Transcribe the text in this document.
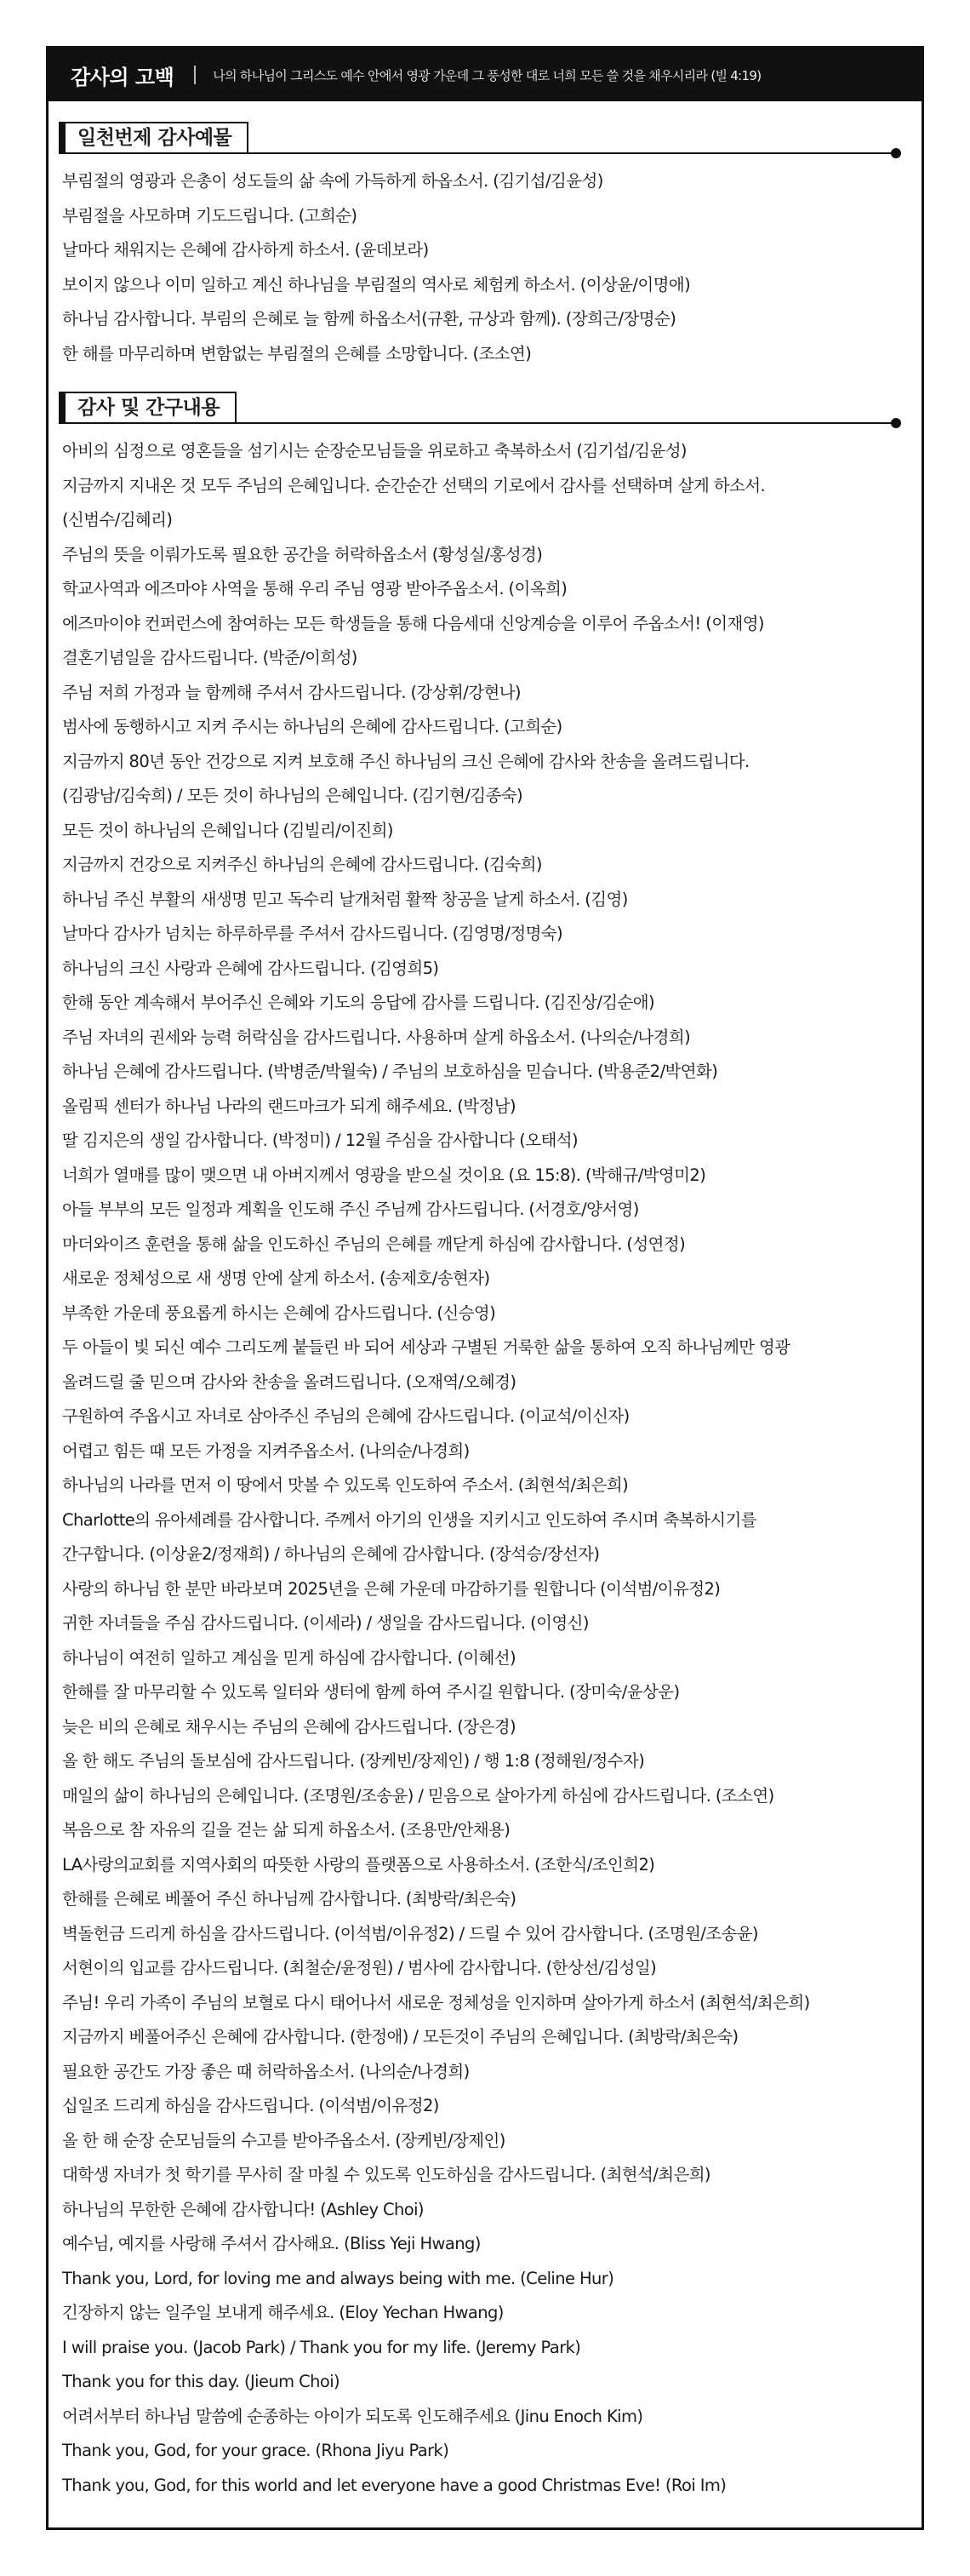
감사의 고백	나의 하나님이 그리스도 예수 안에서 영광 가운데 그 풍성한 대로 너희 모든 쓸 것을 채우시리라 (빌 4:19)
일천번제 감사예물
부림절의 영광과 은총이 성도들의 삶 속에 가득하게 하옵소서. (김기섭/김윤성)
부림절을 사모하며 기도드립니다. (고희순)
날마다 채워지는 은혜에 감사하게 하소서. (윤데보라)
보이지 않으나 이미 일하고 계신 하나님을 부림절의 역사로 체험케 하소서. (이상윤/이명애)
하나님 감사합니다. 부림의 은혜로 늘 함께 하옵소서(규환, 규상과 함께). (장희근/장명순)
한 해를 마무리하며 변함없는 부림절의 은혜를 소망합니다. (조소연)
감사 및 간구내용
아비의 심정으로 영혼들을 섬기시는 순장순모님들을 위로하고 축복하소서 (김기섭/김윤성)
지금까지 지내온 것 모두 주님의 은혜입니다. 순간순간 선택의 기로에서 감사를 선택하며 살게 하소서.
(신범수/김혜리)
주님의 뜻을 이뤄가도록 필요한 공간을 허락하옵소서 (황성실/홍성경)
학교사역과 에즈마야 사역을 통해 우리 주님 영광 받아주옵소서. (이옥희)
에즈마이야 컨퍼런스에 참여하는 모든 학생들을 통해 다음세대 신앙계승을 이루어 주옵소서! (이재영)
결혼기념일을 감사드립니다. (박준/이희성)
주님 저희 가정과 늘 함께해 주셔서 감사드립니다. (강상휘/강현나)
범사에 동행하시고 지켜 주시는 하나님의 은혜에 감사드립니다. (고희순)
지금까지 80년 동안 건강으로 지켜 보호해 주신 하나님의 크신 은혜에 감사와 찬송을 올려드립니다.
(김광남/김숙희) / 모든 것이 하나님의 은혜입니다. (김기현/김종숙)
모든 것이 하나님의 은혜입니다 (김빌리/이진희)
지금까지 건강으로 지켜주신 하나님의 은혜에 감사드립니다. (김숙희)
하나님 주신 부활의 새생명 믿고 독수리 날개처럼 활짝 창공을 날게 하소서. (김영)
날마다 감사가 넘치는 하루하루를 주셔서 감사드립니다. (김영명/정명숙)
하나님의 크신 사랑과 은혜에 감사드립니다. (김영희5)
한해 동안 계속해서 부어주신 은혜와 기도의 응답에 감사를 드립니다. (김진상/김순애)
주님 자녀의 권세와 능력 허락심을 감사드립니다. 사용하며 살게 하옵소서. (나의순/나경희)
하나님 은혜에 감사드립니다. (박병준/박월숙) / 주님의 보호하심을 믿습니다. (박용준2/박연화)
올림픽 센터가 하나님 나라의 랜드마크가 되게 해주세요. (박정남)
딸 김지은의 생일 감사합니다. (박정미) / 12월 주심을 감사합니다 (오태석)
너희가 열매를 많이 맺으면 내 아버지께서 영광을 받으실 것이요 (요 15:8). (박해규/박영미2)
아들 부부의 모든 일정과 계획을 인도해 주신 주님께 감사드립니다. (서경호/양서영)
마더와이즈 훈련을 통해 삶을 인도하신 주님의 은혜를 깨닫게 하심에 감사합니다. (성연정)
새로운 정체성으로 새 생명 안에 살게 하소서. (송제호/송현자)
부족한 가운데 풍요롭게 하시는 은혜에 감사드립니다. (신승영)
두 아들이 빛 되신 예수 그리도께 붙들린 바 되어 세상과 구별된 거룩한 삶을 통하여 오직 하나님께만 영광
올려드릴 줄 믿으며 감사와 찬송을 올려드립니다. (오재역/오혜경)
구원하여 주옵시고 자녀로 삼아주신 주님의 은혜에 감사드립니다. (이교석/이신자)
어렵고 힘든 때 모든 가정을 지켜주옵소서. (나의순/나경희)
하나님의 나라를 먼저 이 땅에서 맛볼 수 있도록 인도하여 주소서. (최현석/최은희)
Charlotte의 유아세례를 감사합니다. 주께서 아기의 인생을 지키시고 인도하여 주시며 축복하시기를
간구합니다. (이상윤2/정재희) / 하나님의 은혜에 감사합니다. (장석승/장선자)
사랑의 하나님 한 분만 바라보며 2025년을 은혜 가운데 마감하기를 원합니다 (이석범/이유정2)
귀한 자녀들을 주심 감사드립니다. (이세라) / 생일을 감사드립니다. (이영신)
하나님이 여전히 일하고 계심을 믿게 하심에 감사합니다. (이혜선)
한해를 잘 마무리할 수 있도록 일터와 생터에 함께 하여 주시길 원합니다. (장미숙/윤상운)
늦은 비의 은혜로 채우시는 주님의 은혜에 감사드립니다. (장은경)
올 한 해도 주님의 돌보심에 감사드립니다. (장케빈/장제인) / 행 1:8 (정해원/정수자)
매일의 삶이 하나님의 은혜입니다. (조명원/조송윤) / 믿음으로 살아가게 하심에 감사드립니다. (조소연)
복음으로 참 자유의 길을 걷는 삶 되게 하옵소서. (조용만/안채용)
LA사랑의교회를 지역사회의 따뜻한 사랑의 플랫폼으로 사용하소서. (조한식/조인희2)
한해를 은혜로 베풀어 주신 하나님께 감사합니다. (최방락/최은숙)
벽돌헌금 드리게 하심을 감사드립니다. (이석범/이유정2) / 드릴 수 있어 감사합니다. (조명원/조송윤)
서현이의 입교를 감사드립니다. (최철순/윤정원) / 범사에 감사합니다. (한상선/김성일)
주님! 우리 가족이 주님의 보혈로 다시 태어나서 새로운 정체성을 인지하며 살아가게 하소서 (최현석/최은희)
지금까지 베풀어주신 은혜에 감사합니다. (한정애) / 모든것이 주님의 은혜입니다. (최방락/최은숙)
필요한 공간도 가장 좋은 때 허락하옵소서. (나의순/나경희)
십일조 드리게 하심을 감사드립니다. (이석범/이유정2)
올 한 해 순장 순모님들의 수고를 받아주옵소서. (장케빈/장제인)
대학생 자녀가 첫 학기를 무사히 잘 마칠 수 있도록 인도하심을 감사드립니다. (최현석/최은희)
하나님의 무한한 은혜에 감사합니다! (Ashley Choi)
예수님, 예지를 사랑해 주셔서 감사해요. (Bliss Yeji Hwang)
Thank you, Lord, for loving me and always being with me. (Celine Hur)
긴장하지 않는 일주일 보내게 해주세요. (Eloy Yechan Hwang)
I will praise you. (Jacob Park) / Thank you for my life. (Jeremy Park)
Thank you for this day. (Jieum Choi)
어려서부터 하나님 말씀에 순종하는 아이가 되도록 인도해주세요 (Jinu Enoch Kim)
Thank you, God, for your grace. (Rhona Jiyu Park)
Thank you, God, for this world and let everyone have a good Christmas Eve! (Roi Im)
